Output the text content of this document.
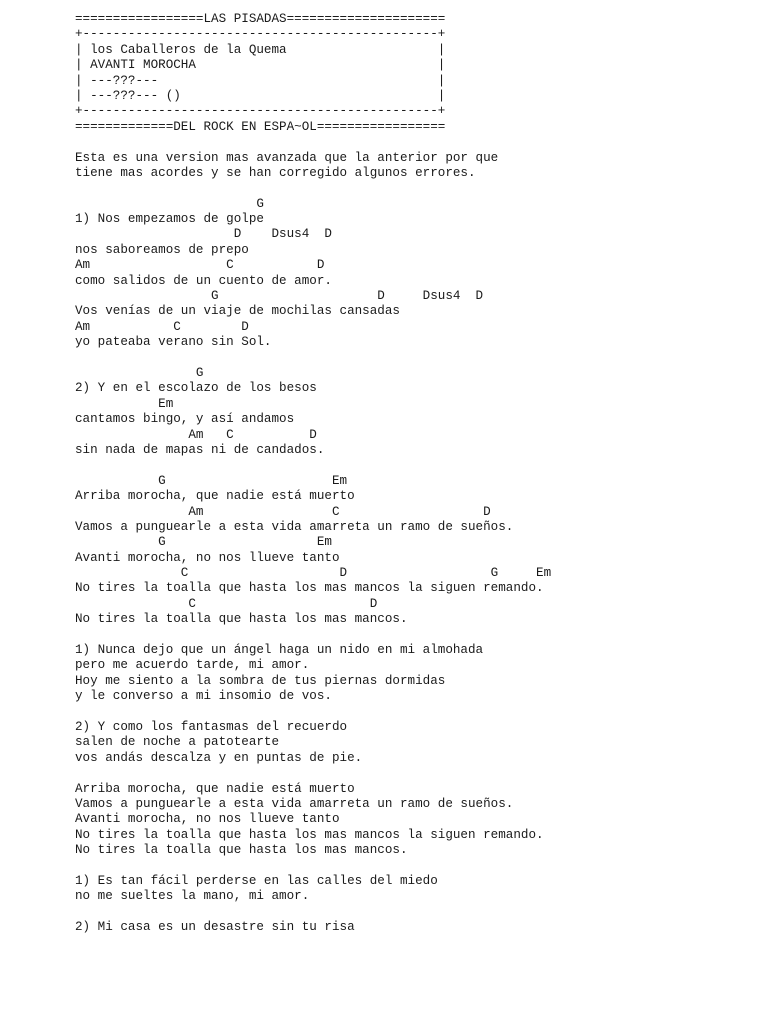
=================LAS PISADAS=====================
+-----------------------------------------------+
| los Caballeros de la Quema                    |
| AVANTI MOROCHA                                |
| ---???---                                     |
| ---???--- ()                                  |
+-----------------------------------------------+
=============DEL ROCK EN ESPA~OL=================

Esta es una version mas avanzada que la anterior por que
tiene mas acordes y se han corregido algunos errores.

G
1) Nos empezamos de golpe
D    Dsus4  D
nos saboreamos de prepo
Am                  C           D
como salidos de un cuento de amor.
G                     D     Dsus4  D
Vos venías de un viaje de mochilas cansadas
Am           C        D
yo pateaba verano sin Sol.

G
2) Y en el escolazo de los besos
Em
cantamos bingo, y así andamos
Am   C          D
sin nada de mapas ni de candados.

G                      Em
Arriba morocha, que nadie está muerto
Am                 C                   D
Vamos a punguearle a esta vida amarreta un ramo de sueños.
G                    Em
Avanti morocha, no nos llueve tanto
C                    D                   G     Em
No tires la toalla que hasta los mas mancos la siguen remando.
C                       D
No tires la toalla que hasta los mas mancos.

1) Nunca dejo que un ángel haga un nido en mi almohada
pero me acuerdo tarde, mi amor.
Hoy me siento a la sombra de tus piernas dormidas
y le converso a mi insomio de vos.

2) Y como los fantasmas del recuerdo
salen de noche a patotearte
vos andás descalza y en puntas de pie.

Arriba morocha, que nadie está muerto
Vamos a punguearle a esta vida amarreta un ramo de sueños.
Avanti morocha, no nos llueve tanto
No tires la toalla que hasta los mas mancos la siguen remando.
No tires la toalla que hasta los mas mancos.

1) Es tan fácil perderse en las calles del miedo
no me sueltes la mano, mi amor.

2) Mi casa es un desastre sin tu risa
